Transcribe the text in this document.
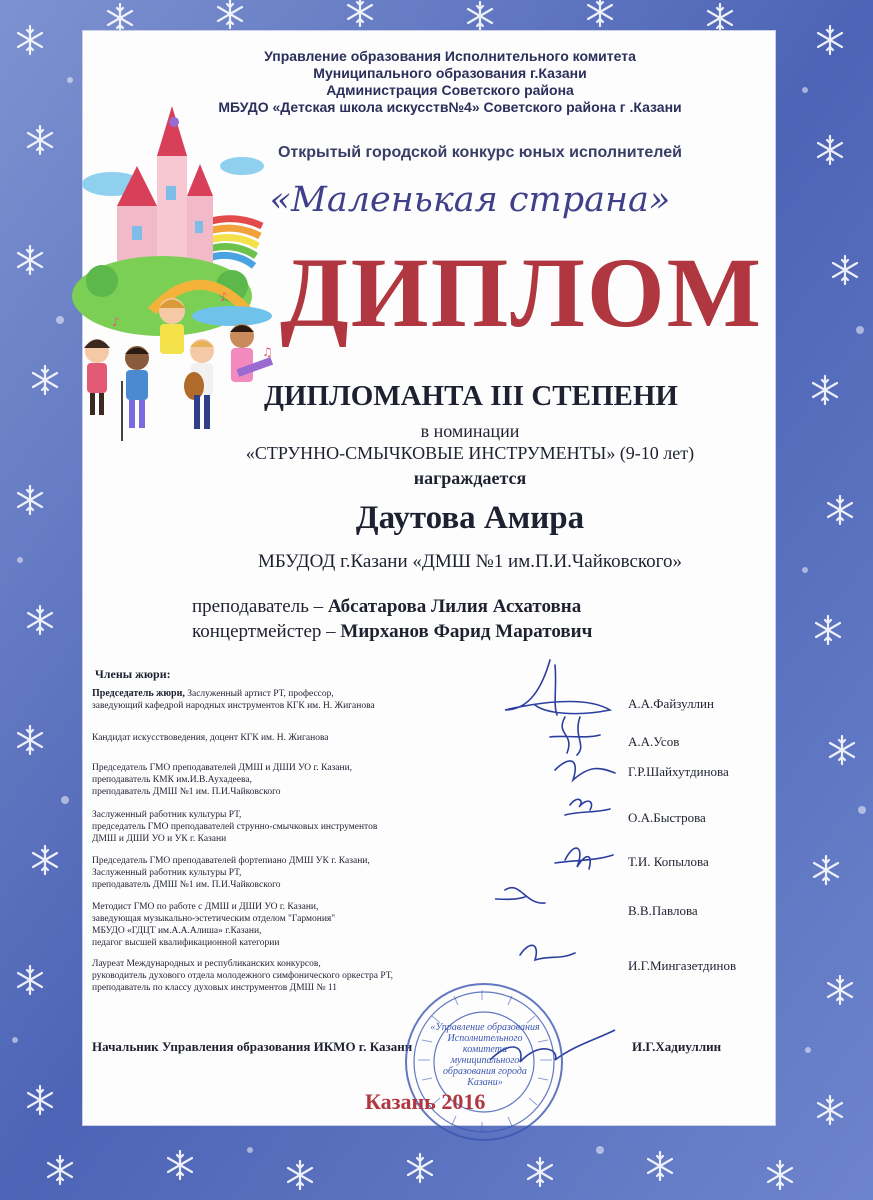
♪
♫
♪
Управление образования Исполнительного комитета
Муниципального образования г.Казани
Администрация Советского района
МБУДО «Детская школа искусств№4» Советского района г .Казани
Открытый городской конкурс юных исполнителей
«Маленькая страна»
ДИПЛОМ
ДИПЛОМАНТА III СТЕПЕНИ
в номинации
«СТРУННО-СМЫЧКОВЫЕ ИНСТРУМЕНТЫ» (9-10 лет)
награждается
Даутова Амира
МБУДОД г.Казани «ДМШ №1 им.П.И.Чайковского»
преподаватель – Абсатарова Лилия Асхатовна
концертмейстер – Мирханов Фарид Маратович
Члены жюри:
Председатель жюри, Заслуженный артист РТ, профессор,
заведующий кафедрой народных инструментов КГК им. Н. Жиганова	А.А.Файзуллин
Кандидат искусствоведения, доцент КГК им. Н. Жиганова	А.А.Усов
Председатель ГМО преподавателей ДМШ и ДШИ УО г. Казани,
преподаватель КМК им.И.В.Аухадеева,
преподаватель ДМШ №1 им. П.И.Чайковского
Г.Р.Шайхутдинова
Заслуженный работник культуры РТ,
председатель ГМО преподавателей струнно-смычковых инструментов
ДМШ и ДШИ УО и УК г. Казани
О.А.Быстрова
Председатель ГМО преподавателей фортепиано ДМШ УК г. Казани,
Заслуженный работник культуры РТ,
преподаватель ДМШ №1 им. П.И.Чайковского
Т.И. Копылова
Методист ГМО по работе с ДМШ и ДШИ УО г. Казани,
заведующая музыкально-эстетическим отделом "Гармония"
МБУДО «ГДЦТ им.А.А.Алиша» г.Казани,
педагог высшей квалификационной категории
В.В.Павлова
Лауреат Международных и республиканских конкурсов,
руководитель духового отдела молодежного симфонического оркестра РТ,
преподаватель по классу духовых инструментов ДМШ № 11
И.Г.Мингазетдинов
Начальник Управления образования ИКМО г. Казани	И.Г.Хадиуллин
«Управление образования Исполнительного комитета муниципального образования города Казани»
Казань 2016
